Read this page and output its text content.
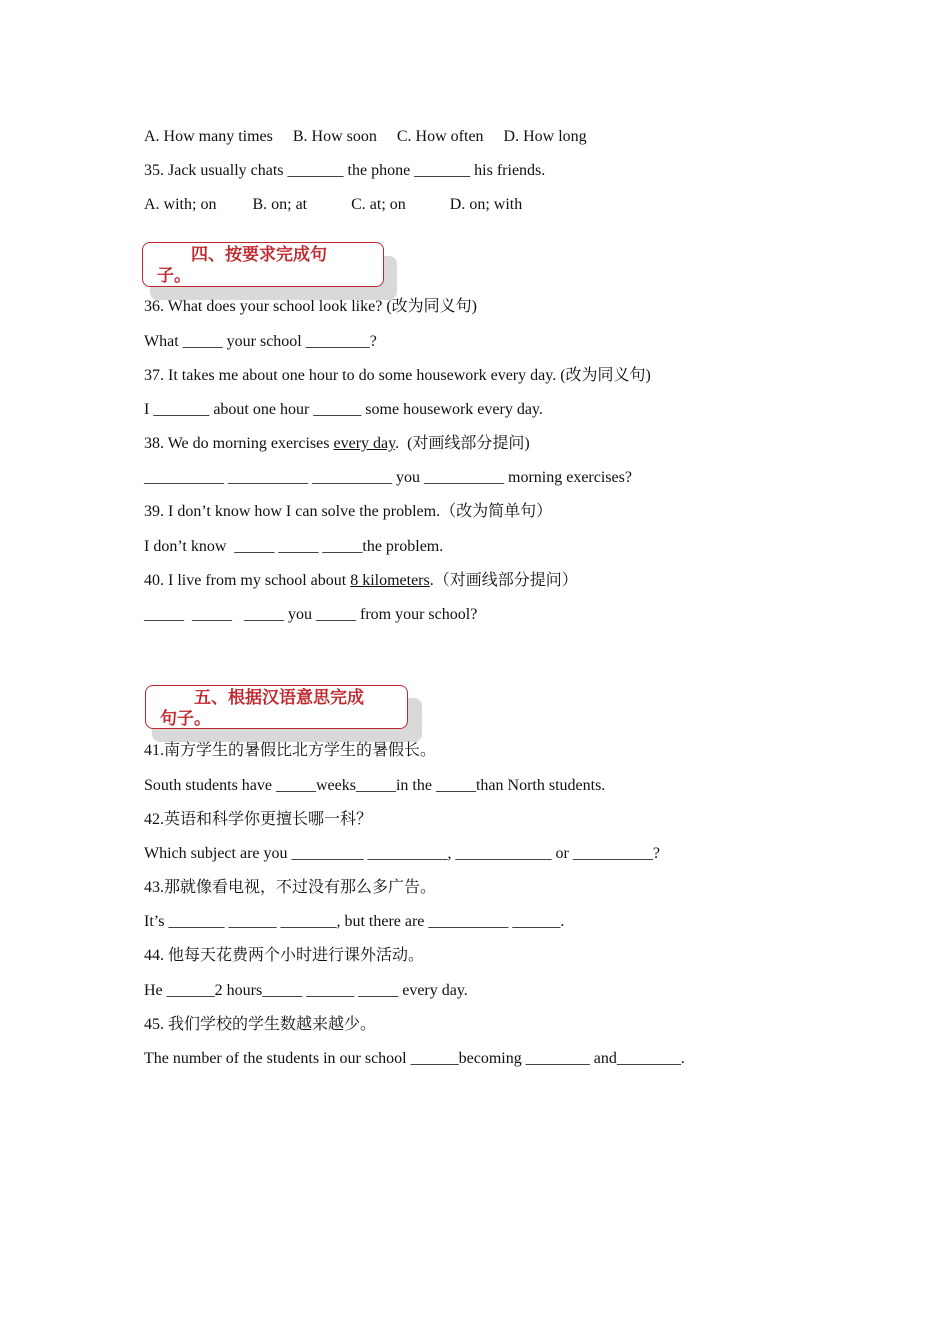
A. How many times     B. How soon     C. How often     D. How long
35. Jack usually chats _______ the phone _______ his friends.
A. with; on         B. on; at           C. at; on           D. on; with
四、按要求完成句
子。
36. What does your school look like? (改为同义句)
What _____ your school ________?
37. It takes me about one hour to do some housework every day. (改为同义句)
I _______ about one hour ______ some housework every day.
38. We do morning exercises every day.  (对画线部分提问)
__________ __________ __________ you __________ morning exercises?
39. I don’t know how I can solve the problem.（改为简单句）
I don’t know  _____ _____ _____the problem.
40. I live from my school about 8 kilometers.（对画线部分提问）
_____  _____   _____ you _____ from your school?
五、根据汉语意思完成
句子。
41.南方学生的暑假比北方学生的暑假长。
South students have _____weeks_____in the _____than North students.
42.英语和科学你更擅长哪一科？
Which subject are you _________ __________, ____________ or __________?
43.那就像看电视，不过没有那么多广告。
It’s _______ ______ _______, but there are __________ ______.
44. 他每天花费两个小时进行课外活动。
He ______2 hours_____ ______ _____ every day.
45. 我们学校的学生数越来越少。
The number of the students in our school ______becoming ________ and________.
